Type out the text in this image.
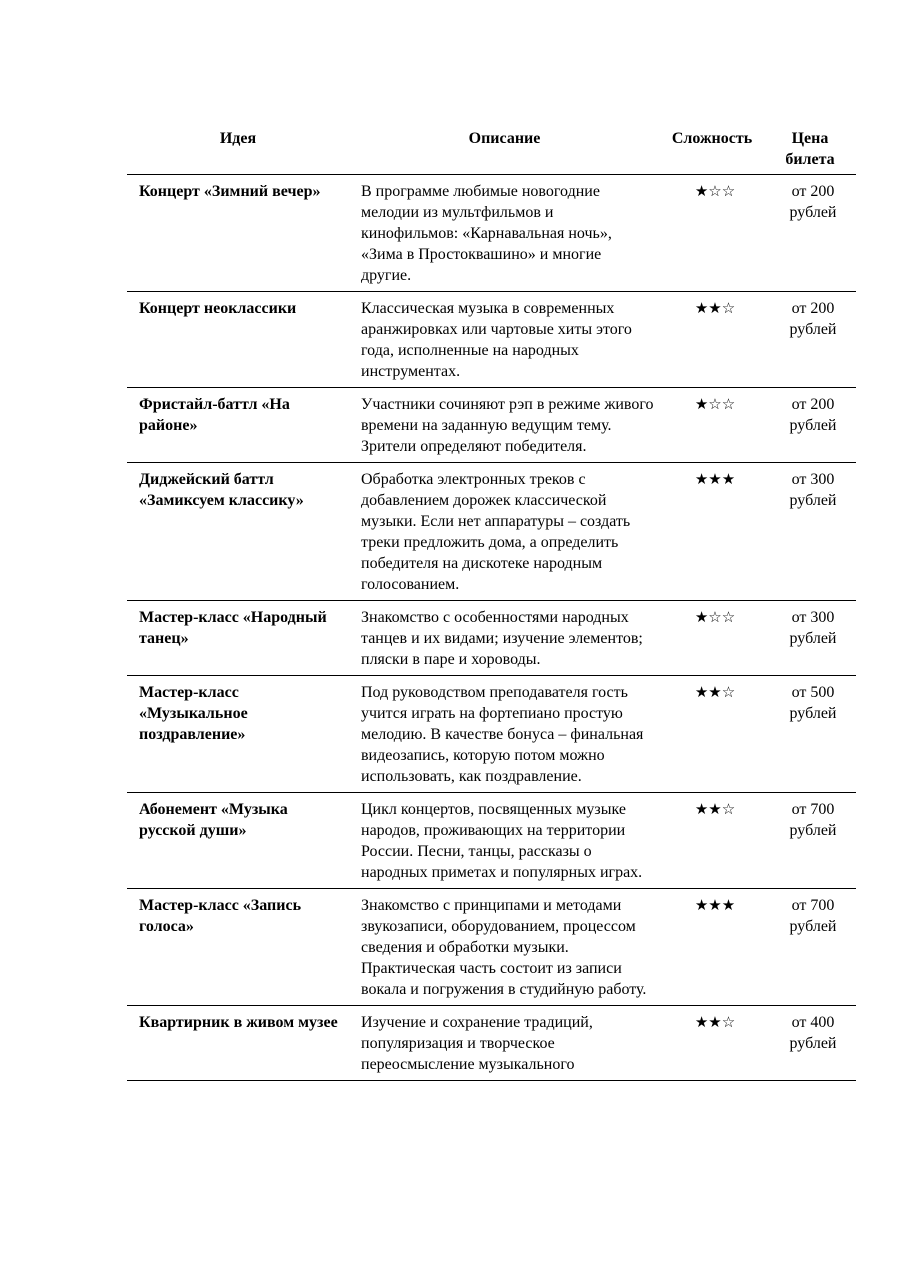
Идея	Описание	Сложность	Цена билета
Концерт «Зимний вечер»	В программе любимые новогодние мелодии из мультфильмов и кинофильмов: «Карнавальная ночь», «Зима в Простоквашино» и многие другие.	★☆☆	от 200 рублей
Концерт неоклассики	Классическая музыка в современных аранжировках или чартовые хиты этого года, исполненные на народных инструментах.	★★☆	от 200 рублей
Фристайл-баттл «На районе»	Участники сочиняют рэп в режиме живого времени на заданную ведущим тему. Зрители определяют победителя.	★☆☆	от 200 рублей
Диджейский баттл «Замиксуем классику»	Обработка электронных треков с добавлением дорожек классической музыки. Если нет аппаратуры – создать треки предложить дома, а определить победителя на дискотеке народным голосованием.	★★★	от 300 рублей
Мастер-класс «Народный танец»	Знакомство с особенностями народных танцев и их видами; изучение элементов; пляски в паре и хороводы.	★☆☆	от 300 рублей
Мастер-класс «Музыкальное поздравление»	Под руководством преподавателя гость учится играть на фортепиано простую мелодию. В качестве бонуса – финальная видеозапись, которую потом можно использовать, как поздравление.	★★☆	от 500 рублей
Абонемент «Музыка русской души»	Цикл концертов, посвященных музыке народов, проживающих на территории России. Песни, танцы, рассказы о народных приметах и популярных играх.	★★☆	от 700 рублей
Мастер-класс «Запись голоса»	Знакомство с принципами и методами звукозаписи, оборудованием, процессом сведения и обработки музыки. Практическая часть состоит из записи вокала и погружения в студийную работу.	★★★	от 700 рублей
Квартирник в живом музее	Изучение и сохранение традиций, популяризация и творческое переосмысление музыкального	★★☆	от 400 рублей
